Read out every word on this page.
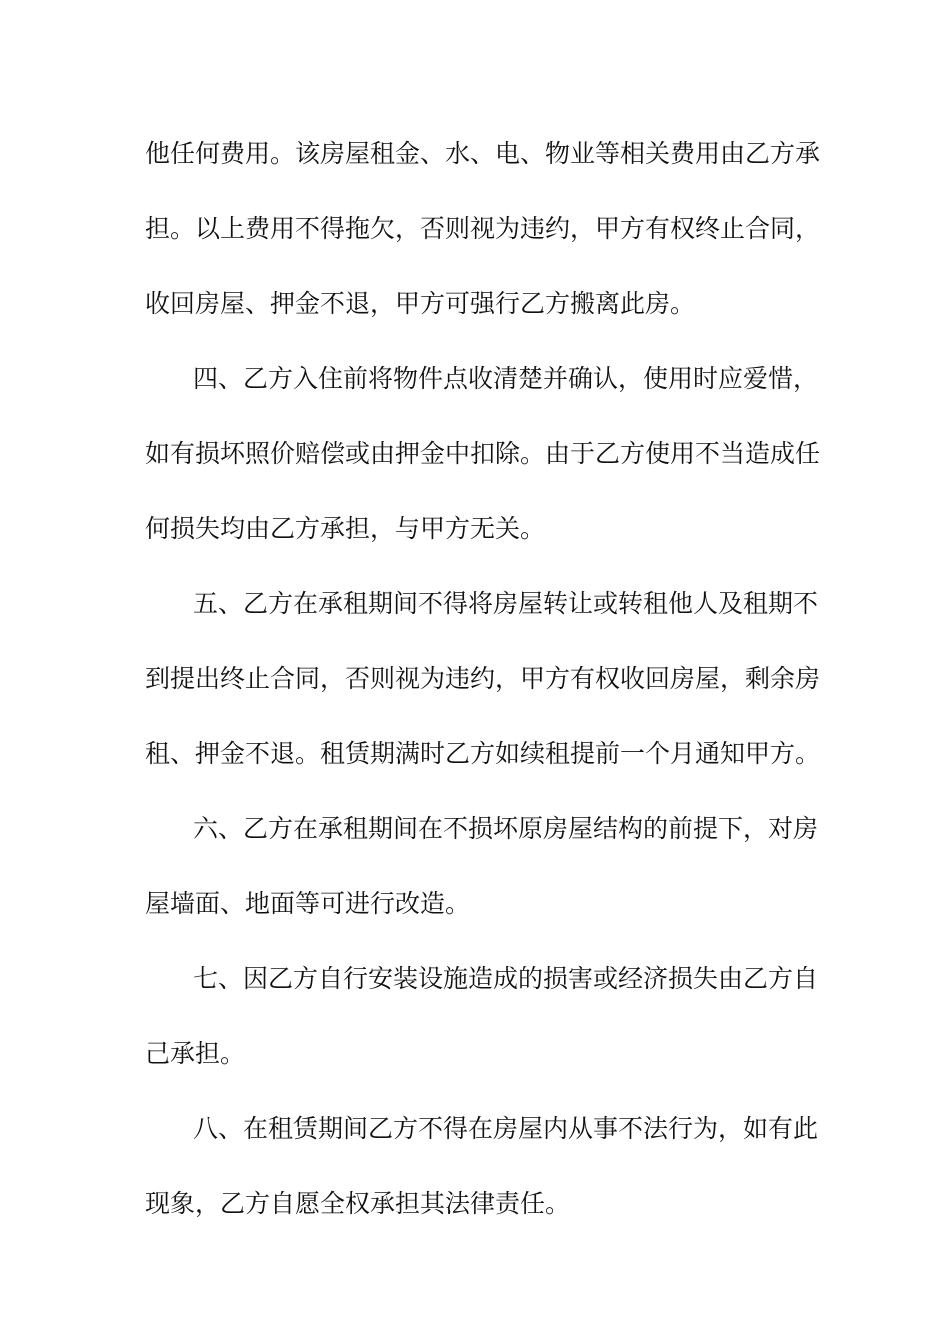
他任何费用。该房屋租金、水、电、物业等相关费用由乙方承
担。以上费用不得拖欠，否则视为违约，甲方有权终止合同，
收回房屋、押金不退，甲方可强行乙方搬离此房。
四、乙方入住前将物件点收清楚并确认，使用时应爱惜，
如有损坏照价赔偿或由押金中扣除。由于乙方使用不当造成任
何损失均由乙方承担，与甲方无关。
五、乙方在承租期间不得将房屋转让或转租他人及租期不
到提出终止合同，否则视为违约，甲方有权收回房屋，剩余房
租、押金不退。租赁期满时乙方如续租提前一个月通知甲方。
六、乙方在承租期间在不损坏原房屋结构的前提下，对房
屋墙面、地面等可进行改造。
七、因乙方自行安装设施造成的损害或经济损失由乙方自
己承担。
八、在租赁期间乙方不得在房屋内从事不法行为，如有此
现象，乙方自愿全权承担其法律责任。
